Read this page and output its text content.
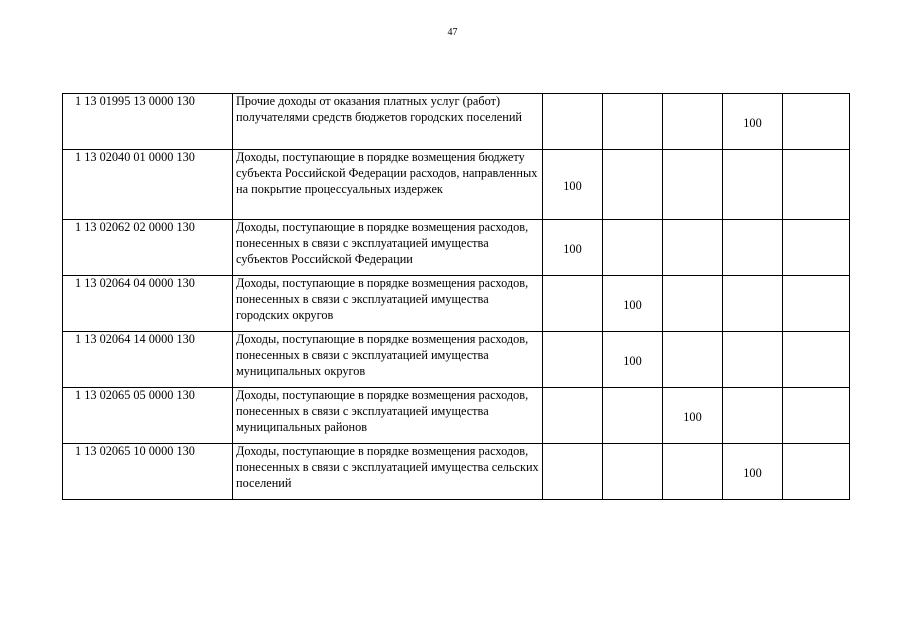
47
1 13 01995 13 0000 130	Прочие доходы от оказания платных услуг (работ) получателями средств бюджетов городских поселений				100	
1 13 02040 01 0000 130	Доходы, поступающие в порядке возмещения бюджету субъекта Российской Федерации расходов, направленных на покрытие процессуальных издержек	100				
1 13 02062 02 0000 130	Доходы, поступающие в порядке возмещения расходов, понесенных в связи с эксплуатацией имущества субъектов Российской Федерации	100				
1 13 02064 04 0000 130	Доходы, поступающие в порядке возмещения расходов, понесенных в связи с эксплуатацией имущества городских округов		100			
1 13 02064 14 0000 130	Доходы, поступающие в порядке возмещения расходов, понесенных в связи с эксплуатацией имущества муниципальных округов		100			
1 13 02065 05 0000 130	Доходы, поступающие в порядке возмещения расходов, понесенных в связи с эксплуатацией имущества муниципальных районов			100		
1 13 02065 10 0000 130	Доходы, поступающие в порядке возмещения расходов, понесенных в связи с эксплуатацией имущества сельских поселений				100	
